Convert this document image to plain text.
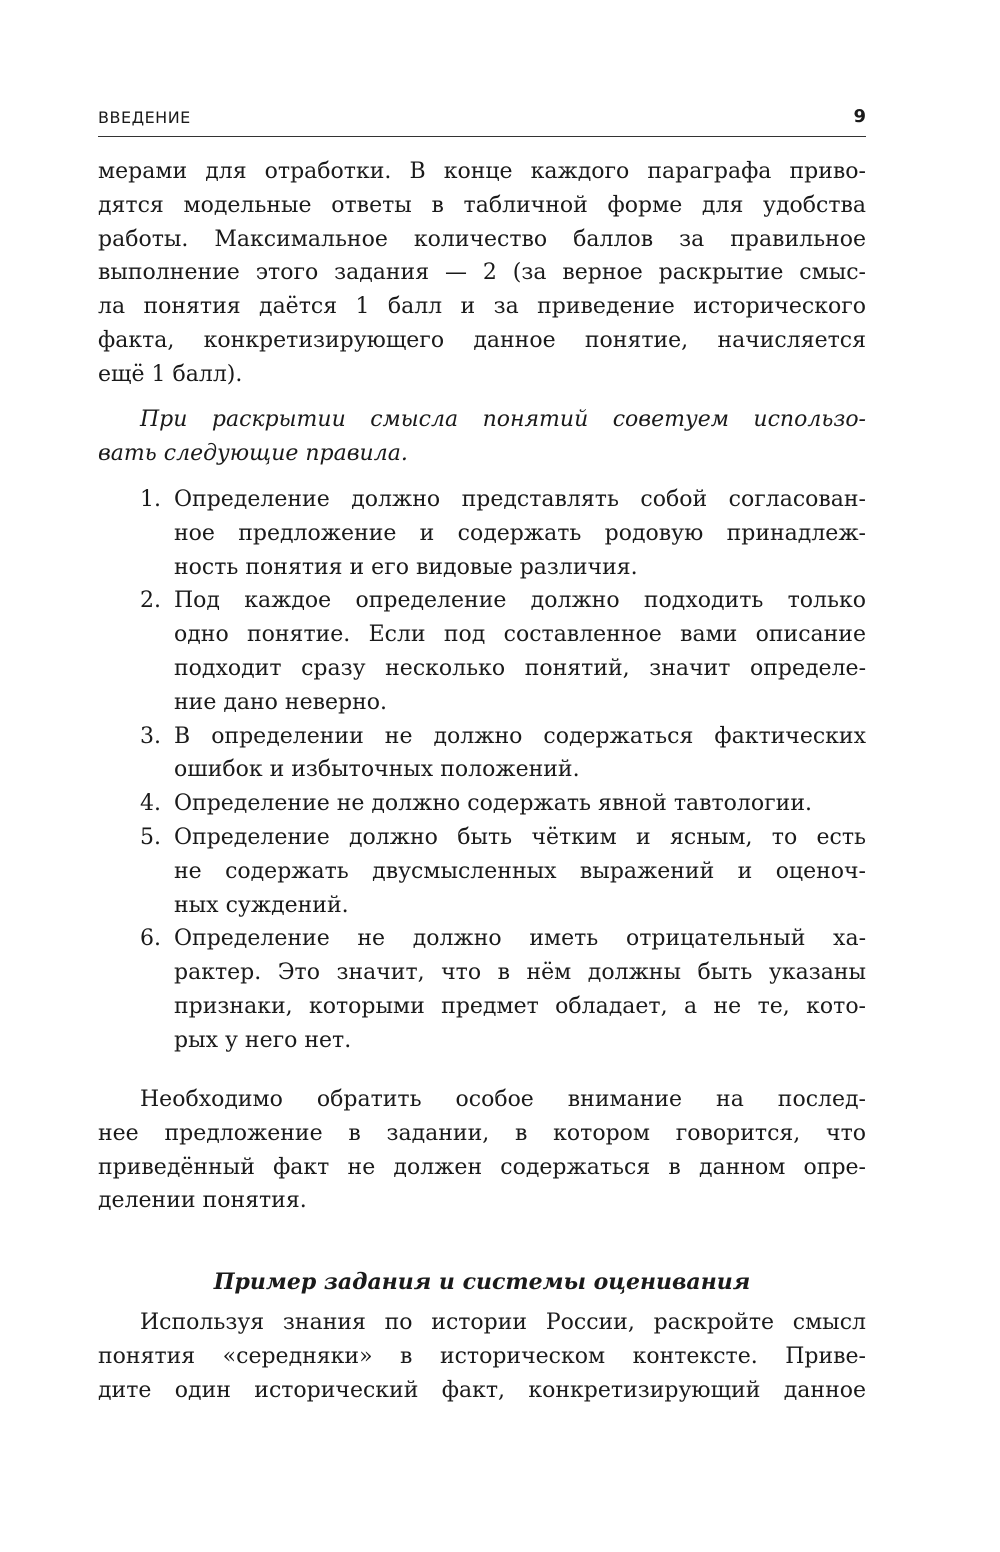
ВВЕДЕНИЕ	9
мерами для отработки. В конце каждого параграфа приво-
дятся модельные ответы в табличной форме для удобства
работы. Максимальное количество баллов за правильное
выполнение этого задания — 2 (за верное раскрытие смыс-
ла понятия даётся 1 балл и за приведение исторического
факта, конкретизирующего данное понятие, начисляется
ещё 1 балл).
При раскрытии смысла понятий советуем использо-
вать следующие правила.
1. Определение должно представлять собой согласован-
ное предложение и содержать родовую принадлеж-
ность понятия и его видовые различия.
2. Под каждое определение должно подходить только
одно понятие. Если под составленное вами описание
подходит сразу несколько понятий, значит определе-
ние дано неверно.
3. В определении не должно содержаться фактических
ошибок и избыточных положений.
4. Определение не должно содержать явной тавтологии.
5. Определение должно быть чётким и ясным, то есть
не содержать двусмысленных выражений и оценоч-
ных суждений.
6. Определение не должно иметь отрицательный ха-
рактер. Это значит, что в нём должны быть указаны
признаки, которыми предмет обладает, а не те, кото-
рых у него нет.
Необходимо обратить особое внимание на послед-
нее предложение в задании, в котором говорится, что
приведённый факт не должен содержаться в данном опре-
делении понятия.
Пример задания и системы оценивания
Используя знания по истории России, раскройте смысл
понятия «середняки» в историческом контексте. Приве-
дите один исторический факт, конкретизирующий данное
